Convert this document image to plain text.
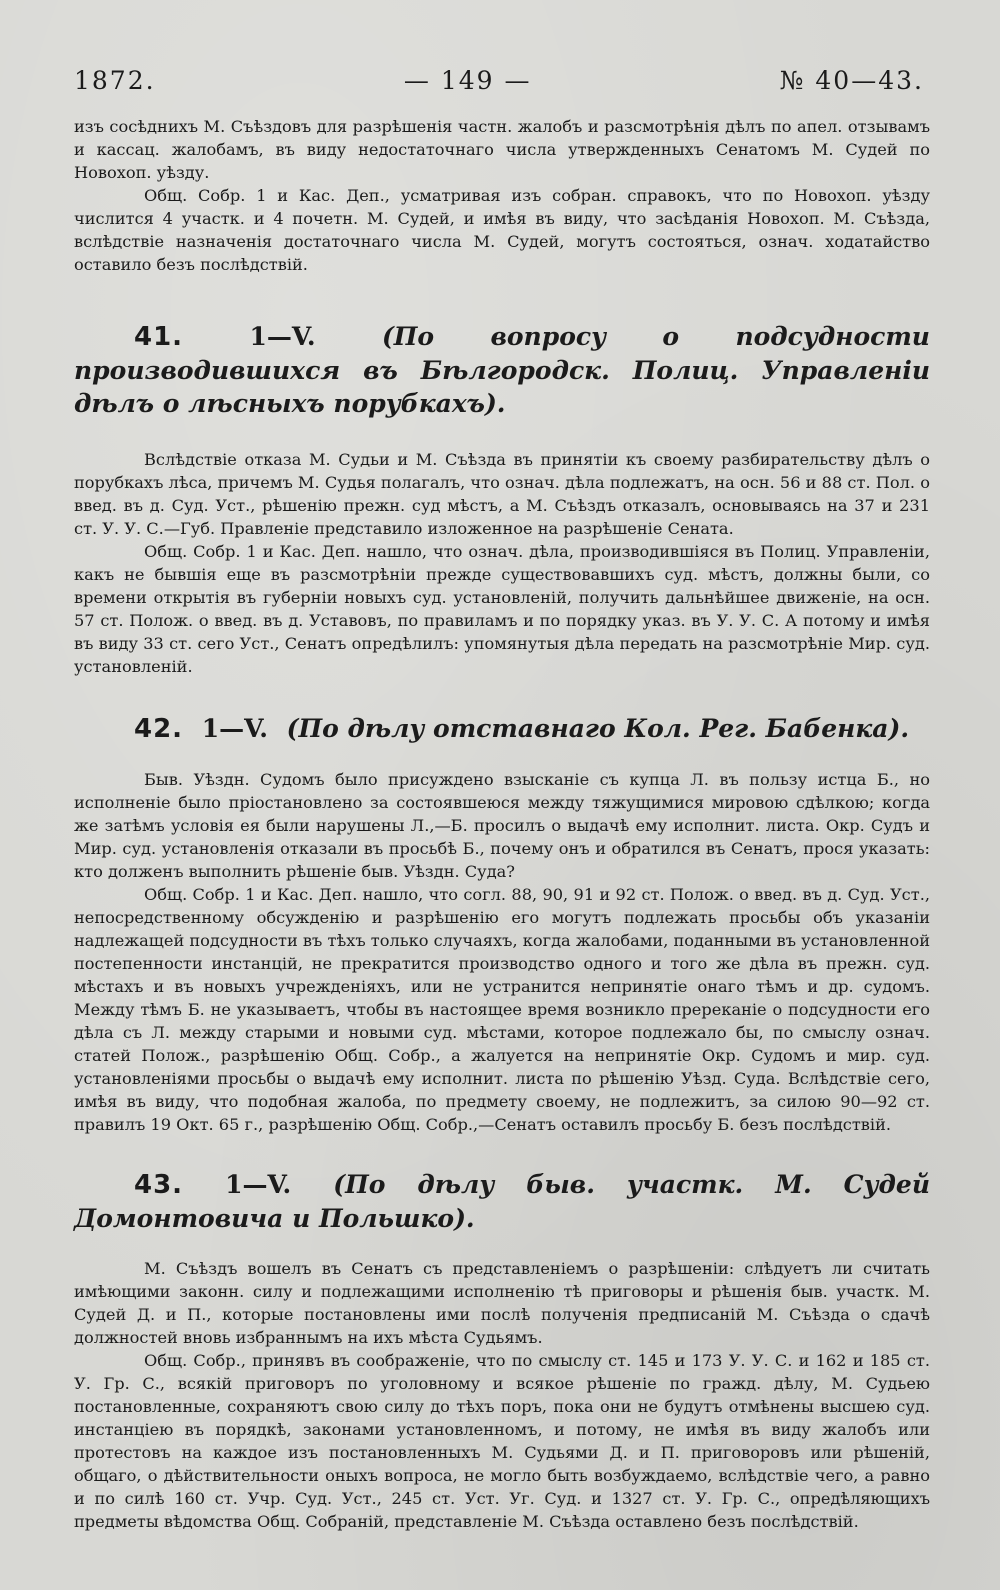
1872.	— 149 —	№ 40—43.

изъ сосѣднихъ М. Съѣздовъ для разрѣшенія частн. жалобъ и разсмотрѣнія дѣлъ по апел. отзывамъ и кассац. жалобамъ, въ виду недостаточнаго числа утвержденныхъ Сенатомъ М. Судей по Новохоп. уѣзду.

Общ. Собр. 1 и Кас. Деп., усматривая изъ собран. справокъ, что по Новохоп. уѣзду числится 4 участк. и 4 почетн. М. Судей, и имѣя въ виду, что засѣданія Новохоп. М. Съѣзда, вслѣдствіе назначенія достаточнаго числа М. Судей, могутъ состояться, означ. ходатайство оставило безъ послѣдствій.

41.	1—V.	(По вопросу о подсудности производившихся въ Бѣлгородск. Полиц. Управленіи дѣлъ о лѣсныхъ порубкахъ).

Вслѣдствіе отказа М. Судьи и М. Съѣзда въ принятіи къ своему разбирательству дѣлъ о порубкахъ лѣса, причемъ М. Судья полагалъ, что означ. дѣла подлежатъ, на осн. 56 и 88 ст. Пол. о введ. въ д. Суд. Уст., рѣшенію прежн. суд мѣстъ, а М. Съѣздъ отказалъ, основываясь на 37 и 231 ст. У. У. С.—Губ. Правленіе представило изложенное на разрѣшеніе Сената.

Общ. Собр. 1 и Кас. Деп. нашло, что означ. дѣла, производившіяся въ Полиц. Управленіи, какъ не бывшія еще въ разсмотрѣніи прежде существовавшихъ суд. мѣстъ, должны были, со времени открытія въ губерніи новыхъ суд. установленій, получить дальнѣйшее движеніе, на осн. 57 ст. Полож. о введ. въ д. Уставовъ, по правиламъ и по порядку указ. въ У. У. С. А потому и имѣя въ виду 33 ст. сего Уст., Сенатъ опредѣлилъ: упомянутыя дѣла передать на разсмотрѣніе Мир. суд. установленій.

42. 1—V. (По дѣлу отставнаго Кол. Рег. Бабенка).

Быв. Уѣздн. Судомъ было присуждено взысканіе съ купца Л. въ пользу истца Б., но исполненіе было пріостановлено за состоявшеюся между тяжущимися мировою сдѣлкою; когда же затѣмъ условія ея были нарушены Л.,—Б. просилъ о выдачѣ ему исполнит. листа. Окр. Судъ и Мир. суд. установленія отказали въ просьбѣ Б., почему онъ и обратился въ Сенатъ, прося указать: кто долженъ выполнить рѣшеніе быв. Уѣздн. Суда?

Общ. Собр. 1 и Кас. Деп. нашло, что согл. 88, 90, 91 и 92 ст. Полож. о введ. въ д. Суд. Уст., непосредственному обсужденію и разрѣшенію его могутъ подлежать просьбы объ указаніи надлежащей подсудности въ тѣхъ только случаяхъ, когда жалобами, поданными въ установленной постепенности инстанцій, не прекратится производство одного и того же дѣла въ прежн. суд. мѣстахъ и въ новыхъ учрежденіяхъ, или не устранится непринятіе онаго тѣмъ и др. судомъ. Между тѣмъ Б. не указываетъ, чтобы въ настоящее время возникло пререканіе о подсудности его дѣла съ Л. между старыми и новыми суд. мѣстами, которое подлежало бы, по смыслу означ. статей Полож., разрѣшенію Общ. Собр., а жалуется на непринятіе Окр. Судомъ и мир. суд. установленіями просьбы о выдачѣ ему исполнит. листа по рѣшенію Уѣзд. Суда. Вслѣдствіе сего, имѣя въ виду, что подобная жалоба, по предмету своему, не подлежитъ, за силою 90—92 ст. правилъ 19 Окт. 65 г., разрѣшенію Общ. Собр.,—Сенатъ оставилъ просьбу Б. безъ послѣдствій.

43. 1—V. (По дѣлу быв. участк. М. Судей Домонтовича и Польшко).

М. Съѣздъ вошелъ въ Сенатъ съ представленіемъ о разрѣшеніи: слѣдуетъ ли считать имѣющими законн. силу и подлежащими исполненію тѣ приговоры и рѣшенія быв. участк. М. Судей Д. и П., которые постановлены ими послѣ полученія предписаній М. Съѣзда о сдачѣ должностей вновь избраннымъ на ихъ мѣста Судьямъ.

Общ. Собр., принявъ въ соображеніе, что по смыслу ст. 145 и 173 У. У. С. и 162 и 185 ст. У. Гр. С., всякій приговоръ по уголовному и всякое рѣшеніе по гражд. дѣлу, М. Судьею постановленные, сохраняютъ свою силу до тѣхъ поръ, пока они не будутъ отмѣнены высшею суд. инстанціею въ порядкѣ, законами установленномъ, и потому, не имѣя въ виду жалобъ или протестовъ на каждое изъ постановленныхъ М. Судьями Д. и П. приговоровъ или рѣшеній, общаго, о дѣйствительности оныхъ вопроса, не могло быть возбуждаемо, вслѣдствіе чего, а равно и по силѣ 160 ст. Учр. Суд. Уст., 245 ст. Уст. Уг. Суд. и 1327 ст. У. Гр. С., опредѣляющихъ предметы вѣдомства Общ. Собраній, представленіе М. Съѣзда оставлено безъ послѣдствій.
